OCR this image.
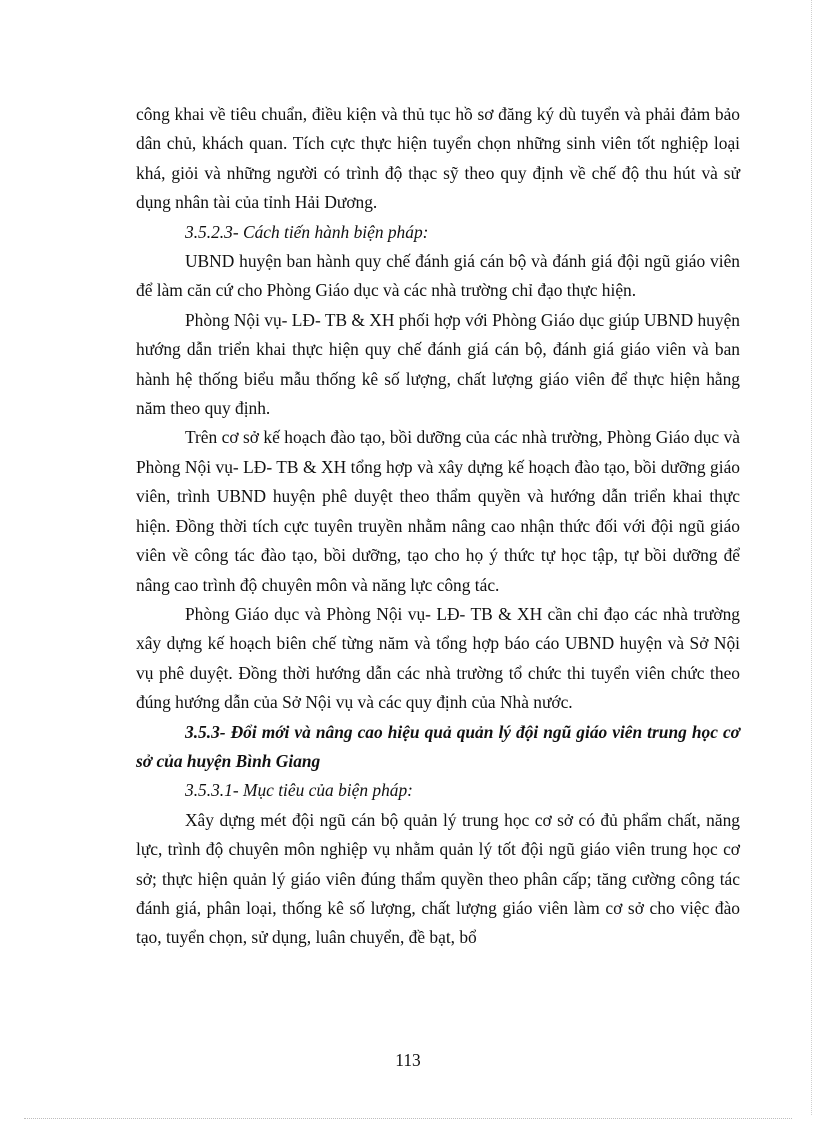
công khai về tiêu chuẩn, điều kiện và thủ tục hồ sơ đăng ký dù tuyển và phải đảm bảo dân chủ, khách quan. Tích cực thực hiện tuyển chọn những sinh viên tốt nghiệp loại khá, giỏi và những người có trình độ thạc sỹ theo quy định về chế độ thu hút và sử dụng nhân tài của tỉnh Hải Dương.

3.5.2.3- Cách tiến hành biện pháp:

UBND huyện ban hành quy chế đánh giá cán bộ và đánh giá đội ngũ giáo viên để làm căn cứ cho Phòng Giáo dục và các nhà trường chỉ đạo thực hiện.

Phòng Nội vụ- LĐ- TB & XH phối hợp với Phòng Giáo dục giúp UBND huyện hướng dẫn triển khai thực hiện quy chế đánh giá cán bộ, đánh giá giáo viên và ban hành hệ thống biểu mẫu thống kê số lượng, chất lượng giáo viên để thực hiện hằng năm theo quy định.

Trên cơ sở kế hoạch đào tạo, bồi dưỡng của các nhà trường, Phòng Giáo dục và Phòng Nội vụ- LĐ- TB & XH tổng hợp và xây dựng kế hoạch đào tạo, bồi dưỡng giáo viên, trình UBND huyện phê duyệt theo thẩm quyền và hướng dẫn triển khai thực hiện. Đồng thời tích cực tuyên truyền nhằm nâng cao nhận thức đối với đội ngũ giáo viên về công tác đào tạo, bồi dưỡng, tạo cho họ ý thức tự học tập, tự bồi dưỡng để nâng cao trình độ chuyên môn và năng lực công tác.

Phòng Giáo dục và Phòng Nội vụ- LĐ- TB & XH cần chỉ đạo các nhà trường xây dựng kế hoạch biên chế từng năm và tổng hợp báo cáo UBND huyện và Sở Nội vụ phê duyệt. Đồng thời hướng dẫn các nhà trường tổ chức thi tuyển viên chức theo đúng hướng dẫn của Sở Nội vụ và các quy định của Nhà nước.

3.5.3- Đổi mới và nâng cao hiệu quả quản lý đội ngũ giáo viên trung học cơ sở của huyện Bình Giang

3.5.3.1- Mục tiêu của biện pháp:

Xây dựng mét đội ngũ cán bộ quản lý trung học cơ sở có đủ phẩm chất, năng lực, trình độ chuyên môn nghiệp vụ nhằm quản lý tốt đội ngũ giáo viên trung học cơ sở; thực hiện quản lý giáo viên đúng thẩm quyền theo phân cấp; tăng cường công tác đánh giá, phân loại, thống kê số lượng, chất lượng giáo viên làm cơ sở cho việc đào tạo, tuyển chọn, sử dụng, luân chuyển, đề bạt, bổ

113
